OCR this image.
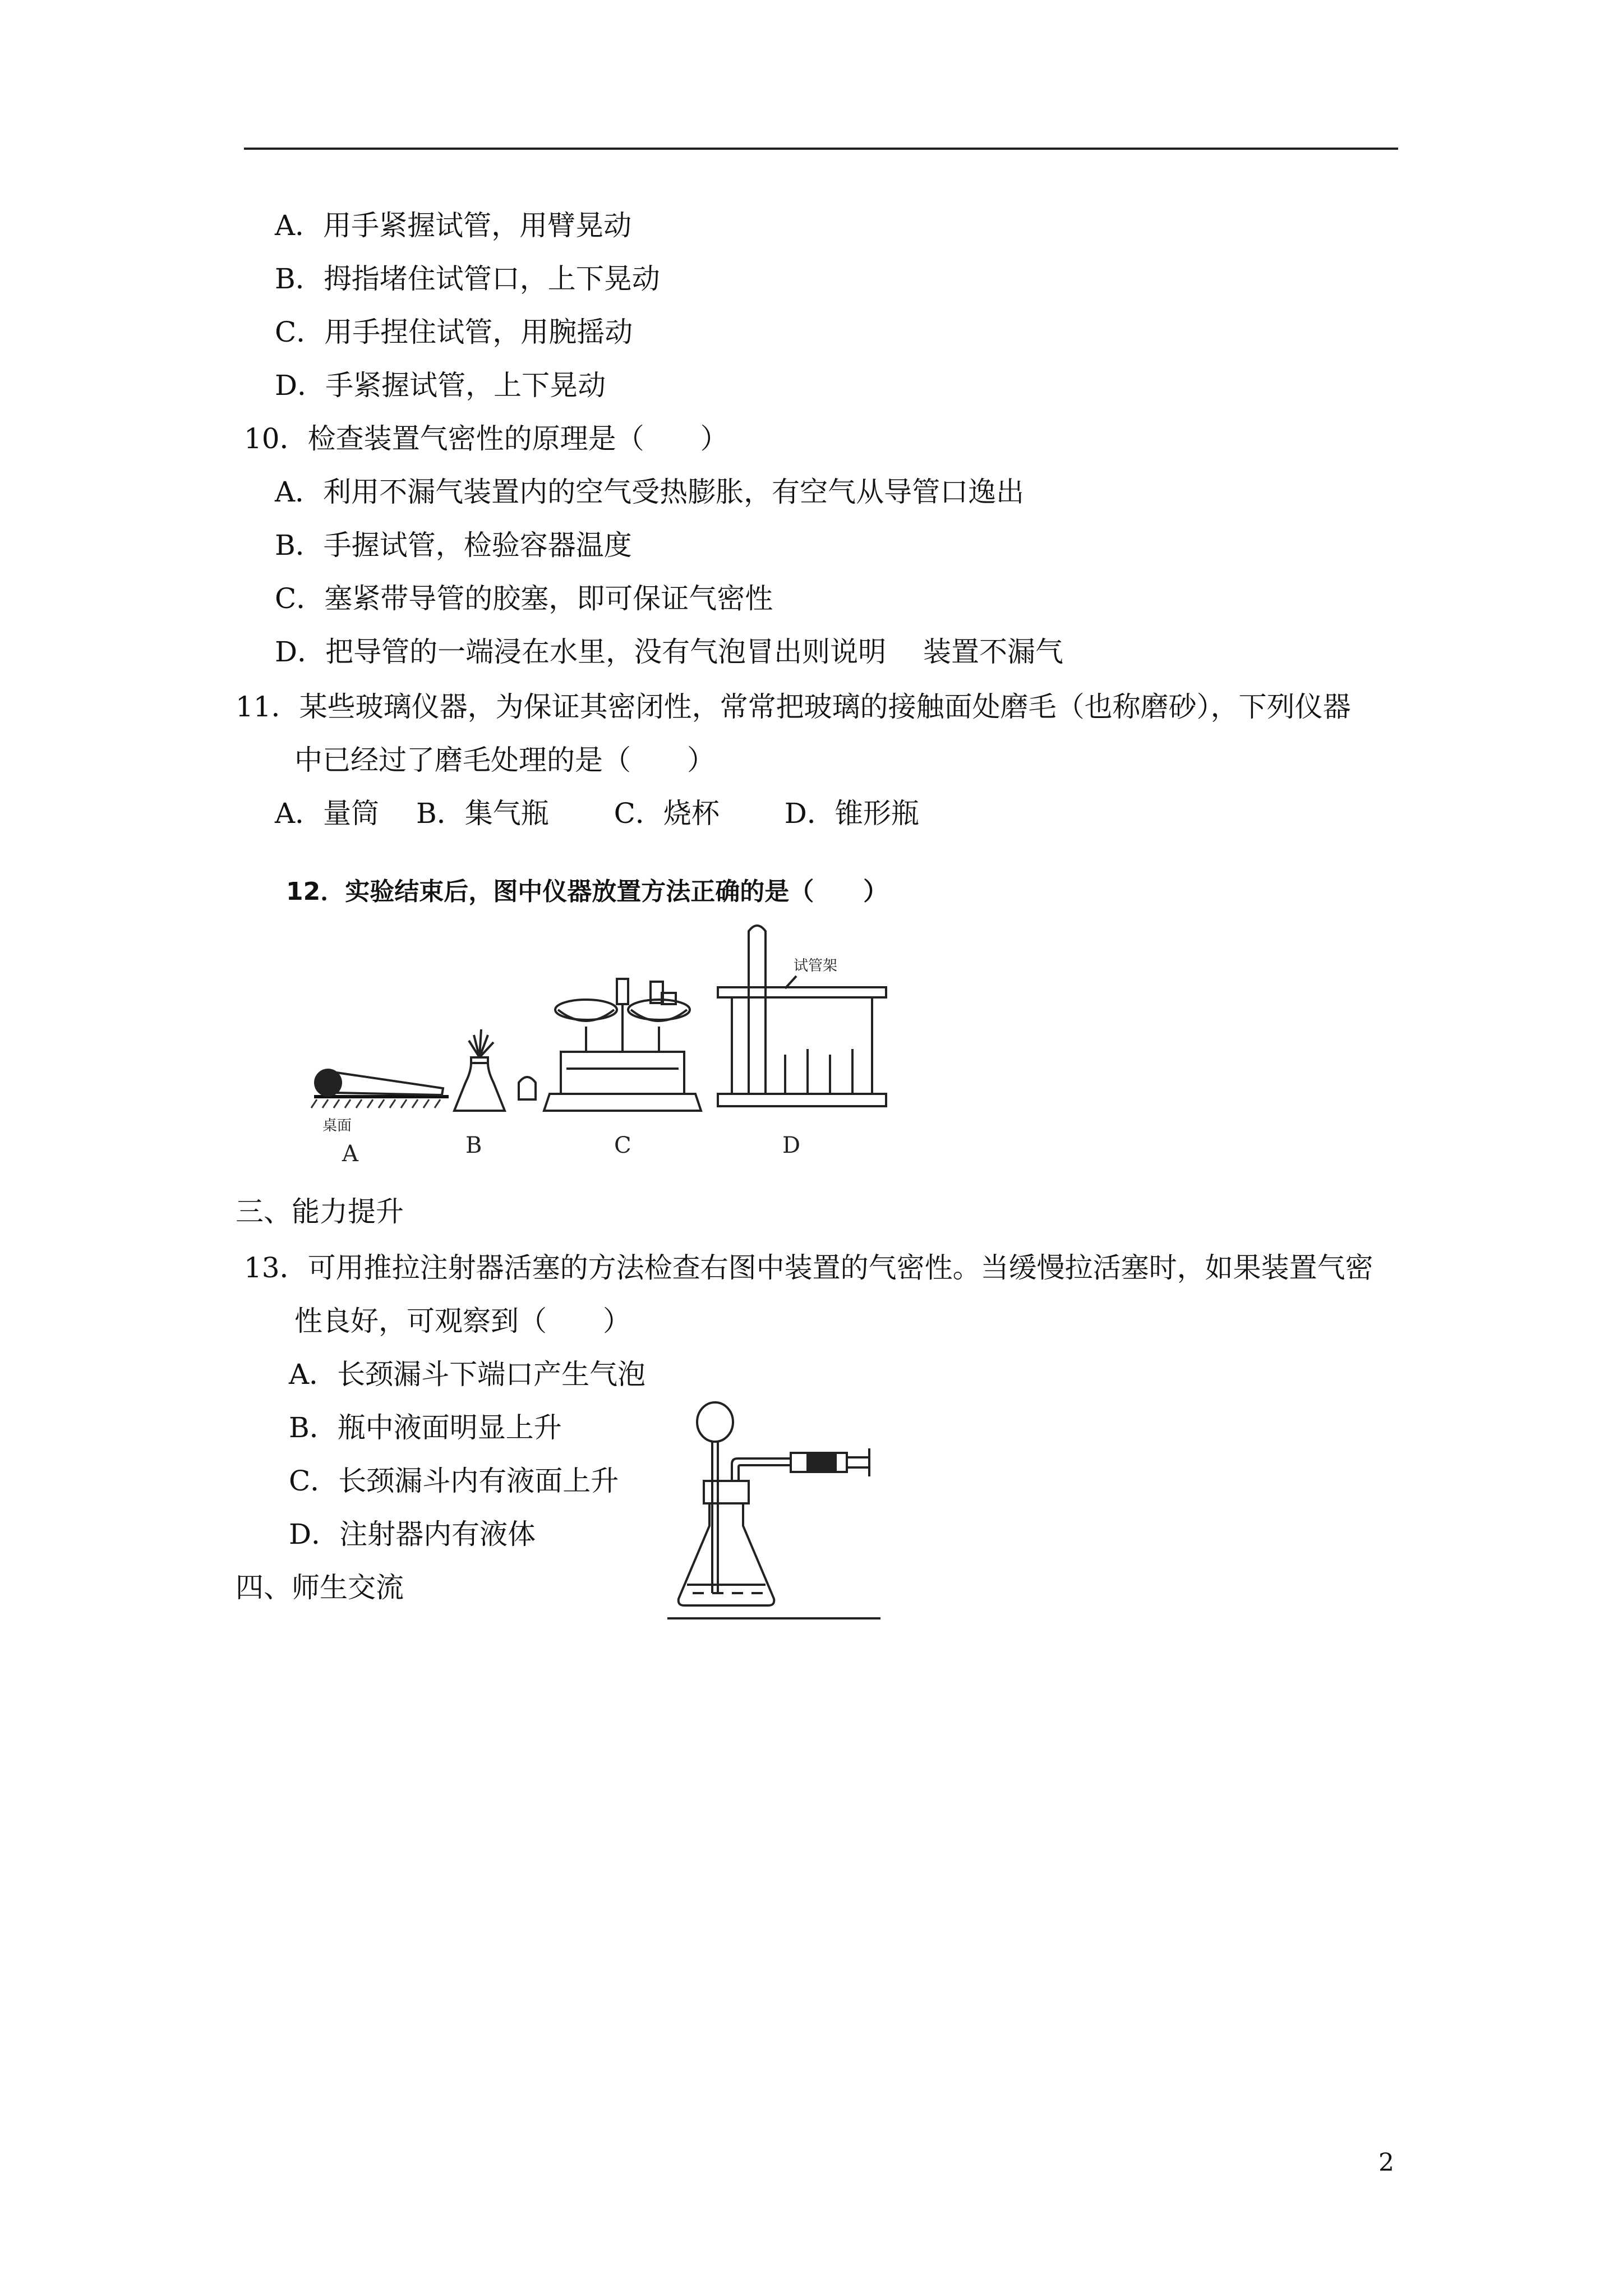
A．用手紧握试管，用臂晃动
B．拇指堵住试管口，上下晃动
C．用手捏住试管，用腕摇动
D．手紧握试管，上下晃动
10．检查装置气密性的原理是（　　）
A．利用不漏气装置内的空气受热膨胀，有空气从导管口逸出
B．手握试管，检验容器温度
C．塞紧带导管的胶塞，即可保证气密性
D．把导管的一端浸在水里，没有气泡冒出则说明　 装置不漏气
11．某些玻璃仪器，为保证其密闭性，常常把玻璃的接触面处磨毛（也称磨砂），下列仪器
中已经过了磨毛处理的是（　　）
A．量筒　 B．集气瓶　　 C．烧杯　　 D．锥形瓶
12．实验结束后，图中仪器放置方法正确的是（　　）
桌面
A	B	C
试管架
D
三、能力提升
13．可用推拉注射器活塞的方法检查右图中装置的气密性。当缓慢拉活塞时，如果装置气密
性良好，可观察到（　　）
A．长颈漏斗下端口产生气泡
B．瓶中液面明显上升
C．长颈漏斗内有液面上升
D．注射器内有液体
四、师生交流
2
